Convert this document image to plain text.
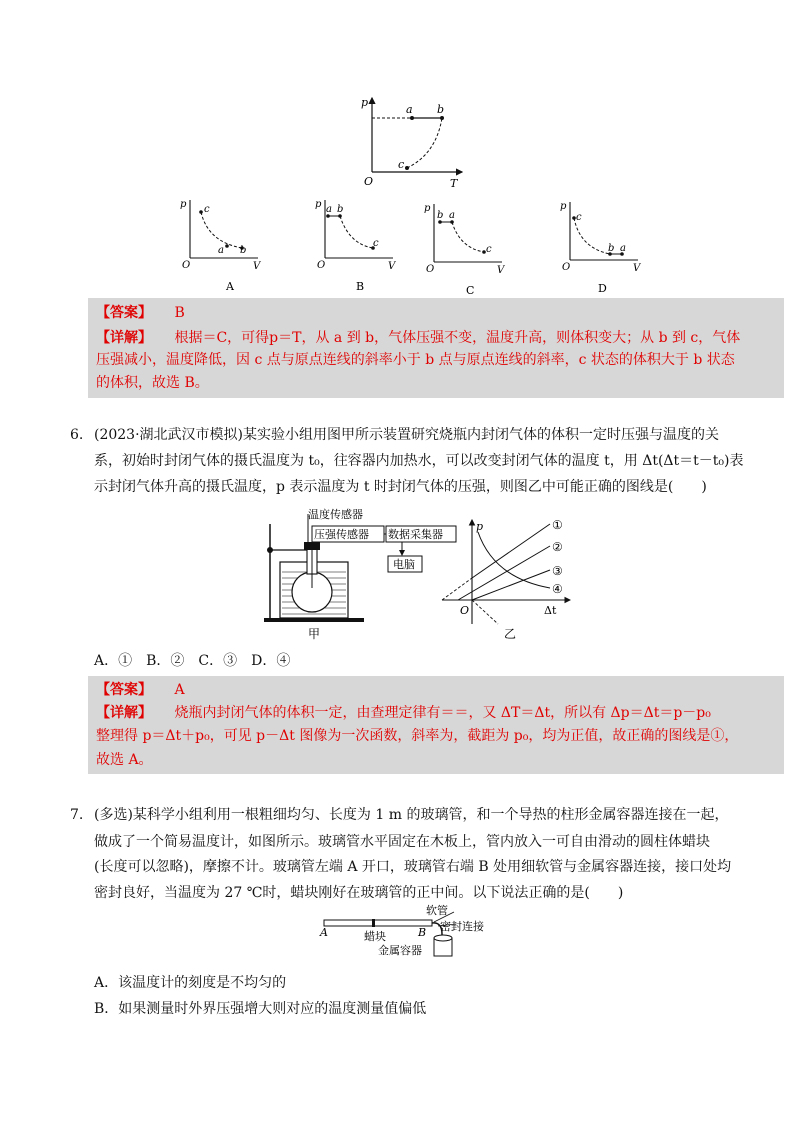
p
a b
c
O	T
p c
a b
O	V
A
p a b
c
O	V
B
p
b a
c
O	V
C
p
c
b a
O	V
D
【答案】 B
【详解】 根据＝C，可得p＝T，从 a 到 b，气体压强不变，温度升高，则体积变大；从 b 到 c，气体
压强减小，温度降低，因 c 点与原点连线的斜率小于 b 点与原点连线的斜率，c 状态的体积大于 b 状态
的体积，故选 B。
6. (2023·湖北武汉市模拟)某实验小组用图甲所示装置研究烧瓶内封闭气体的体积一定时压强与温度的关
系，初始时封闭气体的摄氏温度为 t₀，往容器内加热水，可以改变封闭气体的温度 t，用 Δt(Δt＝t－t₀)表
示封闭气体升高的摄氏温度，p 表示温度为 t 时封闭气体的压强，则图乙中可能正确的图线是(　　)
温度传感器
压强传感器 数据采集器
电脑
甲
p
O	Δt
①
②
③
④
乙
A．①　B．②　C．③　D．④
【答案】 A
【详解】 烧瓶内封闭气体的体积一定，由查理定律有＝＝，又 ΔT＝Δt，所以有 Δp＝Δt＝p－p₀
整理得 p＝Δt＋p₀，可见 p－Δt 图像为一次函数，斜率为，截距为 p₀，均为正值，故正确的图线是①，
故选 A。
7. (多选)某科学小组利用一根粗细均匀、长度为 1 m 的玻璃管，和一个导热的柱形金属容器连接在一起，
做成了一个简易温度计，如图所示。玻璃管水平固定在木板上，管内放入一可自由滑动的圆柱体蜡块
(长度可以忽略)，摩擦不计。玻璃管左端 A 开口，玻璃管右端 B 处用细软管与金属容器连接，接口处均
密封良好，当温度为 27 ℃时，蜡块刚好在玻璃管的正中间。以下说法正确的是(　　)
A	B
蜡块
软管
密封连接
金属容器
A．该温度计的刻度是不均匀的
B．如果测量时外界压强增大则对应的温度测量值偏低
